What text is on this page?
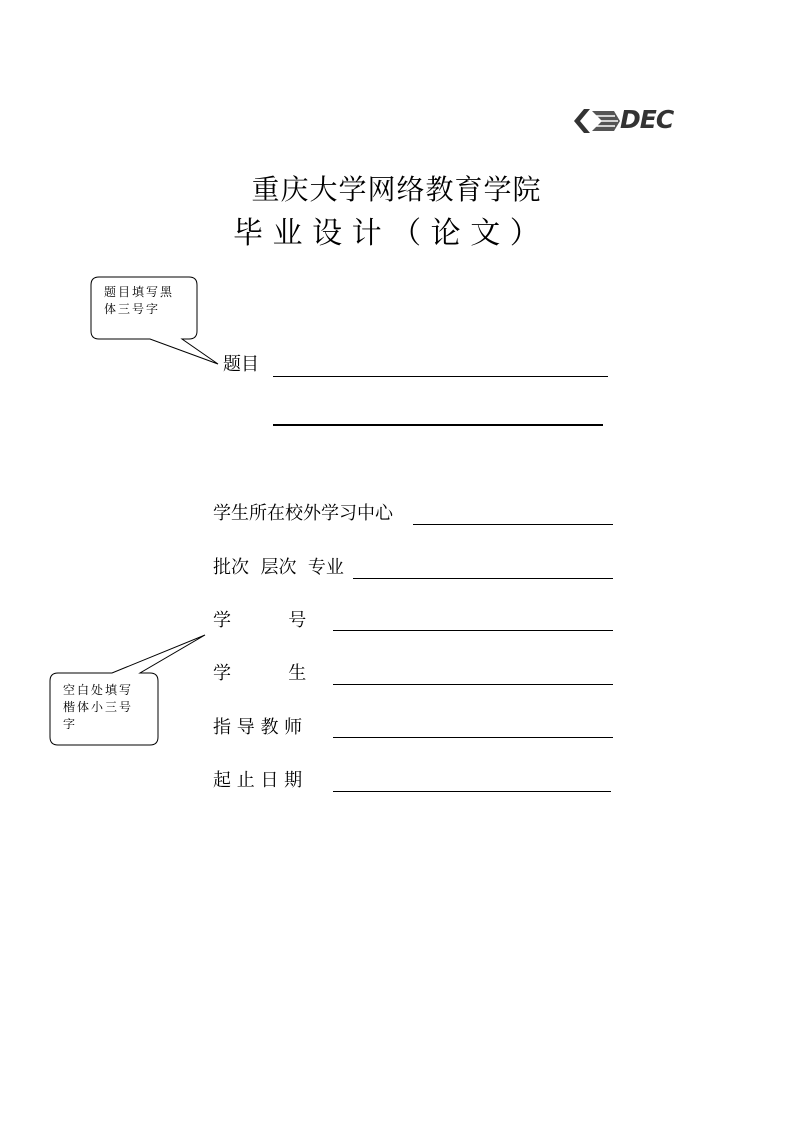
DEC
重庆大学网络教育学院
毕 业 设 计 （ 论 文 ）
题目填写黑
体三号字
空白处填写
楷体小三号
字
题目
学生所在校外学习中心
批次  层次  专业
学          号
学          生
指 导 教 师
起 止 日 期
